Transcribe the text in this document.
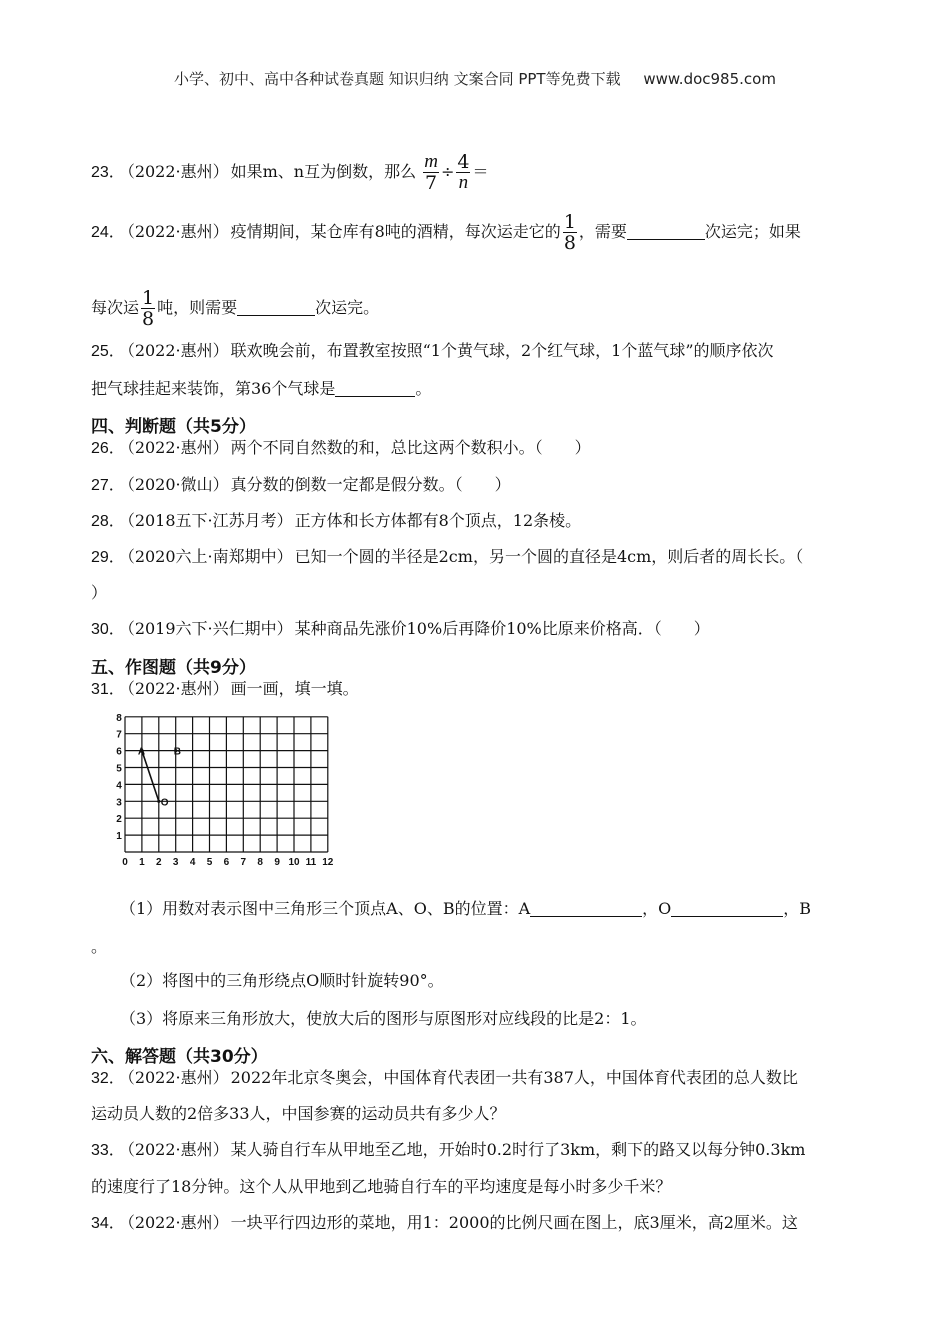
小学、初中、高中各种试卷真题 知识归纳 文案合同 PPT等免费下载 www.doc985.com
23． （2022·惠州） 如果m、n互为倒数，那么 $\frac{m}{7} \div \frac{4}{n}$ ＝
24． （2022·惠州） 疫情期间，某仓库有8吨的酒精，每次运走它的 $\frac{1}{8}$ ，需要	次运完；如果
每次运 $\frac{1}{8}$ 吨，则需要	次运完。
25． （2022·惠州） 联欢晚会前，布置教室按照“1个黄气球，2个红气球，1个蓝气球”的顺序依次
把气球挂起来装饰，第36个气球是	。
四、判断题（共5分）
26． （2022·惠州） 两个不同自然数的和，总比这两个数积小。（　　）
27． （2020·微山） 真分数的倒数一定都是假分数。（　　）
28． （2018五下·江苏月考） 正方体和长方体都有8个顶点，12条棱。
29． （2020六上·南郑期中） 已知一个圆的半径是2cm，另一个圆的直径是4cm，则后者的周长长。（
）
30． （2019六下·兴仁期中） 某种商品先涨价10%后再降价10%比原来价格高．（　　）
五、作图题（共9分）
31． （2022·惠州） 画一画，填一填。
0 1 2 3 4 5 6 7 8 9 10 11 12
1
2
3
4
5
6
7
8
A	B
O
（1）用数对表示图中三角形三个顶点A、O、B的位置：A	，O	，B
。
（2）将图中的三角形绕点O顺时针旋转90°。
（3）将原来三角形放大，使放大后的图形与原图形对应线段的比是2：1。
六、解答题（共30分）
32． （2022·惠州） 2022年北京冬奥会，中国体育代表团一共有387人，中国体育代表团的总人数比
运动员人数的2倍多33人，中国参赛的运动员共有多少人？
33． （2022·惠州） 某人骑自行车从甲地至乙地，开始时0.2时行了3km，剩下的路又以每分钟0.3km
的速度行了18分钟。这个人从甲地到乙地骑自行车的平均速度是每小时多少千米？
34． （2022·惠州） 一块平行四边形的菜地，用1：2000的比例尺画在图上，底3厘米，高2厘米。这
